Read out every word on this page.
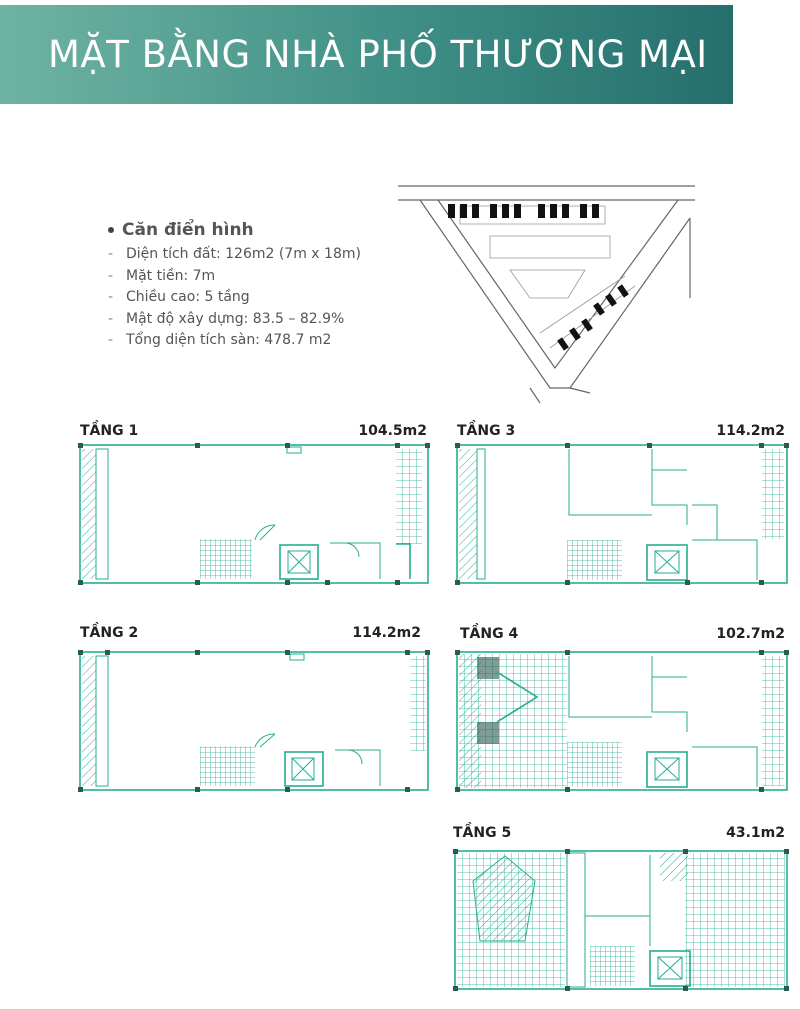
MẶT BẰNG NHÀ PHỐ THƯƠNG MẠI
Căn điển hình
- Diện tích đất: 126m2 (7m x 18m)
- Mặt tiền: 7m
- Chiều cao: 5 tầng
- Mật độ xây dựng: 83.5 – 82.9%
- Tổng diện tích sàn: 478.7 m2
TẦNG 1	104.5m2 TẦNG 3	114.2m2
TẦNG 2	114.2m2	TẦNG 4	102.7m2
TẦNG 5	43.1m2
